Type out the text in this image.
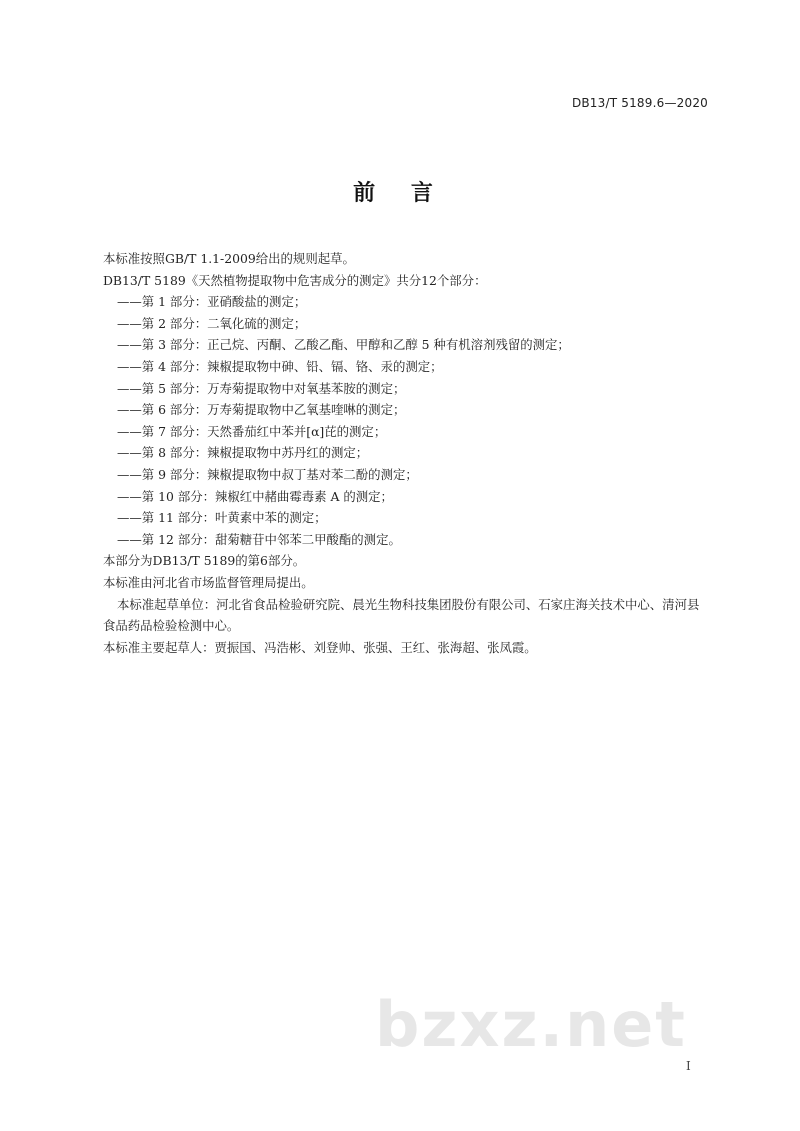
DB13/T 5189.6—2020
前 言
本标准按照GB/T 1.1-2009给出的规则起草。
DB13/T 5189《天然植物提取物中危害成分的测定》共分12个部分：
——第 1 部分：亚硝酸盐的测定；
——第 2 部分：二氧化硫的测定；
——第 3 部分：正己烷、丙酮、乙酸乙酯、甲醇和乙醇 5 种有机溶剂残留的测定；
——第 4 部分：辣椒提取物中砷、铅、镉、铬、汞的测定；
——第 5 部分：万寿菊提取物中对氧基苯胺的测定；
——第 6 部分：万寿菊提取物中乙氧基喹啉的测定；
——第 7 部分：天然番茄红中苯并[α]芘的测定；
——第 8 部分：辣椒提取物中苏丹红的测定；
——第 9 部分：辣椒提取物中叔丁基对苯二酚的测定；
——第 10 部分：辣椒红中赭曲霉毒素 A 的测定；
——第 11 部分：叶黄素中苯的测定；
——第 12 部分：甜菊糖苷中邻苯二甲酸酯的测定。
本部分为DB13/T 5189的第6部分。
本标准由河北省市场监督管理局提出。
本标准起草单位：河北省食品检验研究院、晨光生物科技集团股份有限公司、石家庄海关技术中心、清河县食品药品检验检测中心。
本标准主要起草人：贾振国、冯浩彬、刘登帅、张强、王红、张海超、张凤霞。
bzxz.net
I
